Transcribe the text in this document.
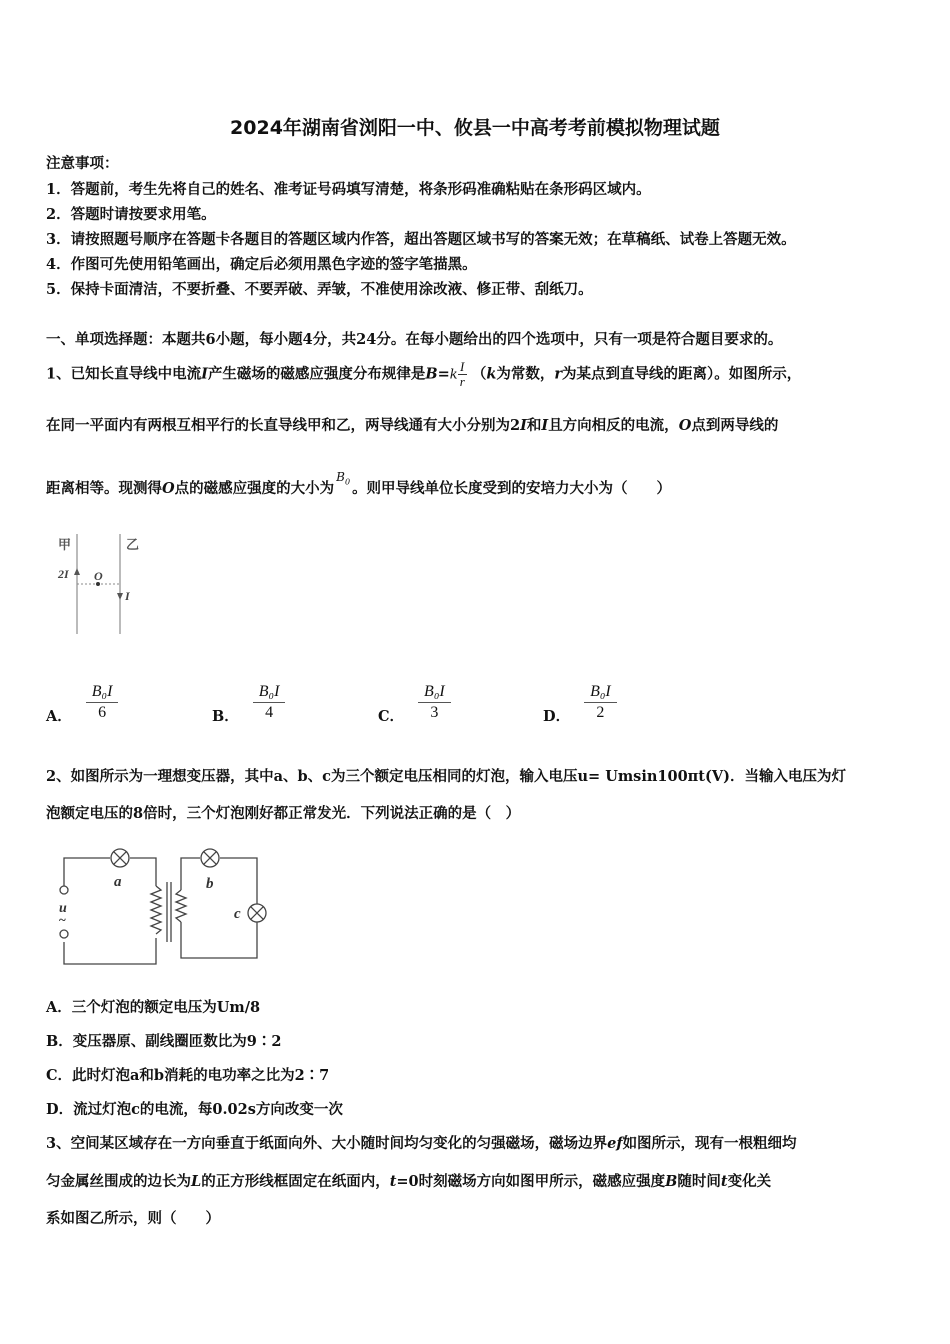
2024年湖南省浏阳一中、攸县一中高考考前模拟物理试题
注意事项：
1．答题前，考生先将自己的姓名、准考证号码填写清楚，将条形码准确粘贴在条形码区域内。
2．答题时请按要求用笔。
3．请按照题号顺序在答题卡各题目的答题区域内作答，超出答题区域书写的答案无效；在草稿纸、试卷上答题无效。
4．作图可先使用铅笔画出，确定后必须用黑色字迹的签字笔描黑。
5．保持卡面清洁，不要折叠、不要弄破、弄皱，不准使用涂改液、修正带、刮纸刀。
一、单项选择题：本题共6小题，每小题4分，共24分。在每小题给出的四个选项中，只有一项是符合题目要求的。
1、已知长直导线中电流I产生磁场的磁感应强度分布规律是$B=k \frac{I}{r} (k$为常数，r为某点到直导线的距离）。如图所示，
在同一平面内有两根互相平行的长直导线甲和乙，两导线通有大小分别为2I和I且方向相反的电流，O点到两导线的
距离相等。现测得O点的磁感应强度的大小为$^{B_0}$ 。则甲导线单位长度受到的安培力大小为（　　）
甲	乙
2I O
I
A． $\frac{\text{B₀I}}{6}$	B． $\frac{\text{B₀I}}{4}$	C． $\frac{\text{B₀I}}{3}$	D． $\frac{\text{B₀I}}{2}$
2、如图所示为一理想变压器，其中a、b、c为三个额定电压相同的灯泡，输入电压u= Umsin100πt(V)．当输入电压为灯
泡额定电压的8倍时，三个灯泡刚好都正常发光．下列说法正确的是（　）
a	b
c
u
~
A．三个灯泡的额定电压为Um/8
B．变压器原、副线圈匝数比为9∶2
C．此时灯泡a和b消耗的电功率之比为2∶7
D．流过灯泡c的电流，每0.02s方向改变一次
3、空间某区域存在一方向垂直于纸面向外、大小随时间均匀变化的匀强磁场，磁场边界ef如图所示，现有一根粗细均
匀金属丝围成的边长为L的正方形线框固定在纸面内，t=0时刻磁场方向如图甲所示，磁感应强度B随时间t变化关
系如图乙所示，则（　　）
